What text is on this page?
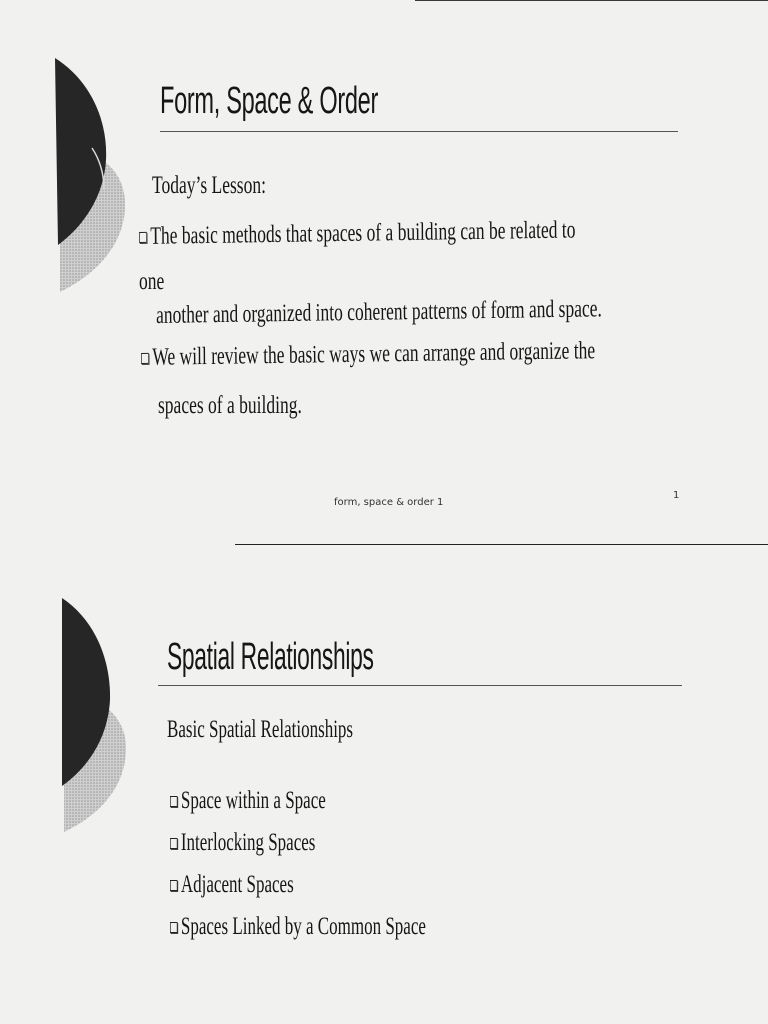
Form, Space & Order
Today’s Lesson:
The basic methods that spaces of a building can be related to
one
another and organized into coherent patterns of form and space.
We will review the basic ways we can arrange and organize the
spaces of a building.
form, space & order 1
1
Spatial Relationships
Basic Spatial Relationships
Space within a Space
Interlocking Spaces
Adjacent Spaces
Spaces Linked by a Common Space
